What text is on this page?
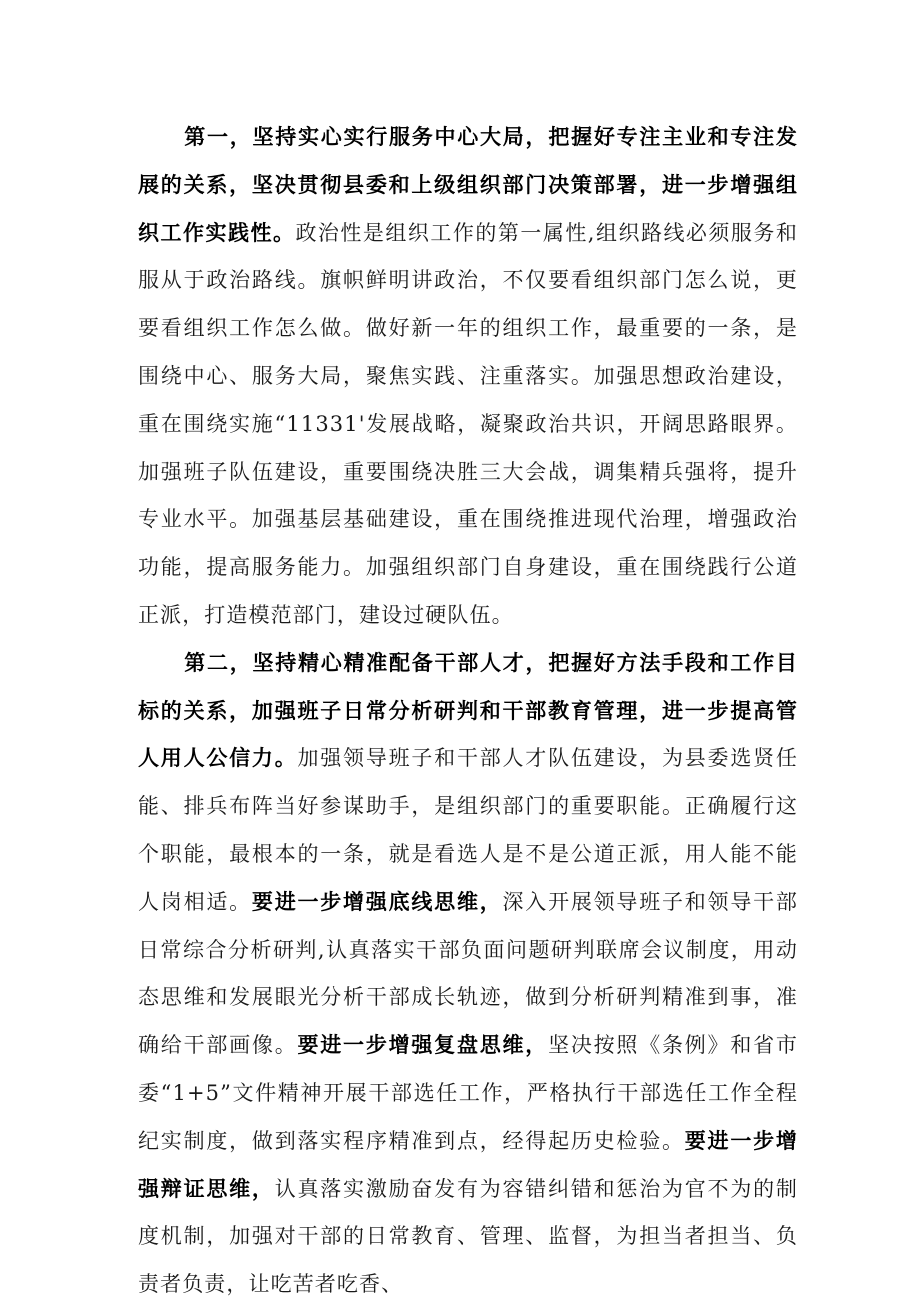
第一，坚持实心实行服务中心大局，把握好专注主业和专注发展的关系，坚决贯彻县委和上级组织部门决策部署，进一步增强组织工作实践性。政治性是组织工作的第一属性,组织路线必须服务和服从于政治路线。旗帜鲜明讲政治，不仅要看组织部门怎么说，更要看组织工作怎么做。做好新一年的组织工作，最重要的一条，是围绕中心、服务大局，聚焦实践、注重落实。加强思想政治建设，重在围绕实施“11331'发展战略，凝聚政治共识，开阔思路眼界。加强班子队伍建设，重要围绕决胜三大会战，调集精兵强将，提升专业水平。加强基层基础建设，重在围绕推进现代治理，增强政治功能，提高服务能力。加强组织部门自身建设，重在围绕践行公道正派，打造模范部门，建设过硬队伍。

第二，坚持精心精准配备干部人才，把握好方法手段和工作目标的关系，加强班子日常分析研判和干部教育管理，进一步提高管人用人公信力。加强领导班子和干部人才队伍建设，为县委选贤任能、排兵布阵当好参谋助手，是组织部门的重要职能。正确履行这个职能，最根本的一条，就是看选人是不是公道正派，用人能不能人岗相适。要进一步增强底线思维，深入开展领导班子和领导干部日常综合分析研判,认真落实干部负面问题研判联席会议制度，用动态思维和发展眼光分析干部成长轨迹，做到分析研判精准到事，准确给干部画像。要进一步增强复盘思维，坚决按照《条例》和省市委“1+5”文件精神开展干部选任工作，严格执行干部选任工作全程纪实制度，做到落实程序精准到点，经得起历史检验。要进一步增强辩证思维，认真落实激励奋发有为容错纠错和惩治为官不为的制度机制，加强对干部的日常教育、管理、监督，为担当者担当、负责者负责，让吃苦者吃香、
